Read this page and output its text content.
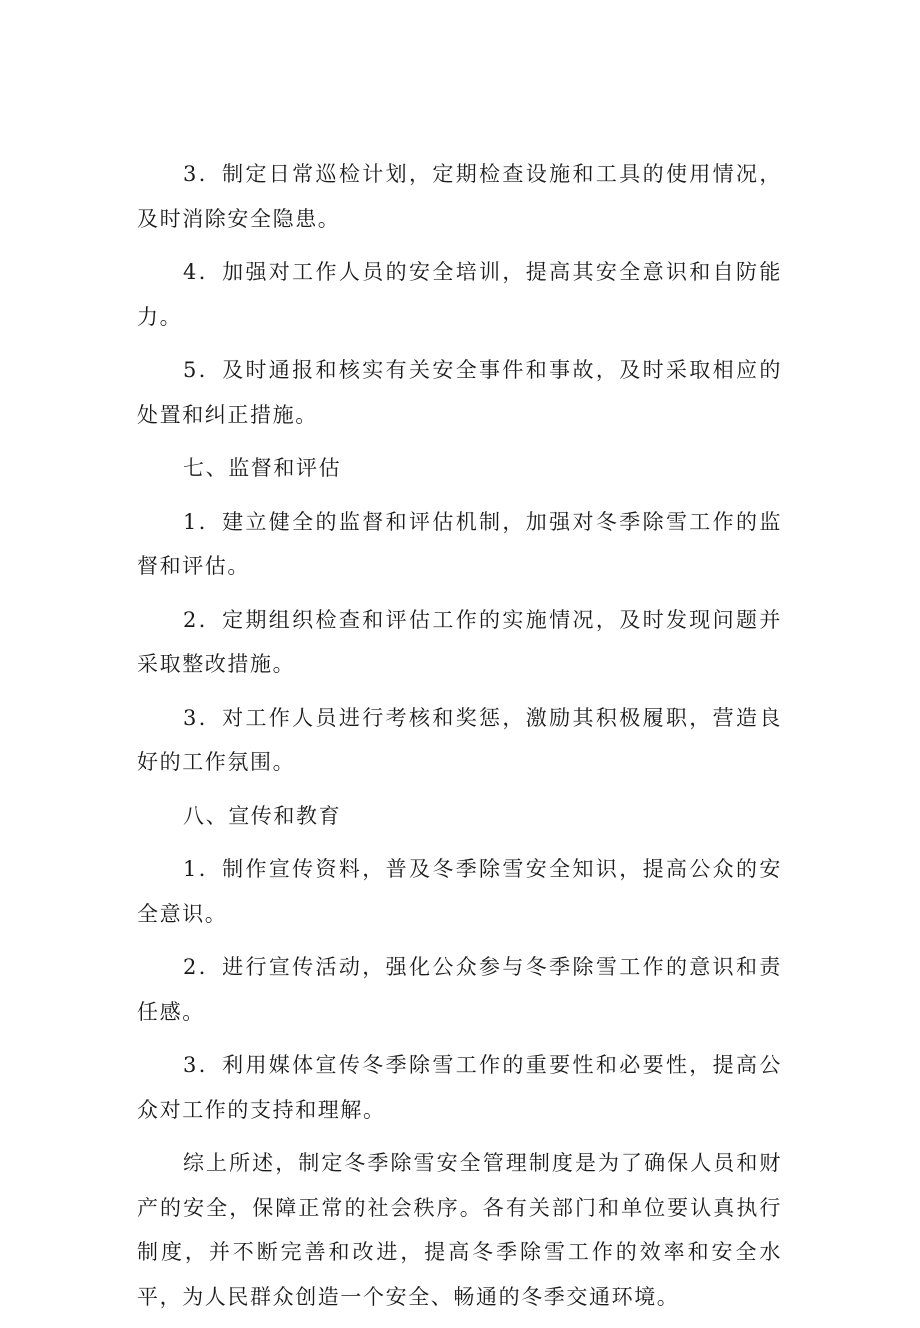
3．制定日常巡检计划，定期检查设施和工具的使用情况，及时消除安全隐患。

4．加强对工作人员的安全培训，提高其安全意识和自防能力。

5．及时通报和核实有关安全事件和事故，及时采取相应的处置和纠正措施。

七、监督和评估

1．建立健全的监督和评估机制，加强对冬季除雪工作的监督和评估。

2．定期组织检查和评估工作的实施情况，及时发现问题并采取整改措施。

3．对工作人员进行考核和奖惩，激励其积极履职，营造良好的工作氛围。

八、宣传和教育

1．制作宣传资料，普及冬季除雪安全知识，提高公众的安全意识。

2．进行宣传活动，强化公众参与冬季除雪工作的意识和责任感。

3．利用媒体宣传冬季除雪工作的重要性和必要性，提高公众对工作的支持和理解。

综上所述，制定冬季除雪安全管理制度是为了确保人员和财产的安全，保障正常的社会秩序。各有关部门和单位要认真执行制度，并不断完善和改进，提高冬季除雪工作的效率和安全水平，为人民群众创造一个安全、畅通的冬季交通环境。
